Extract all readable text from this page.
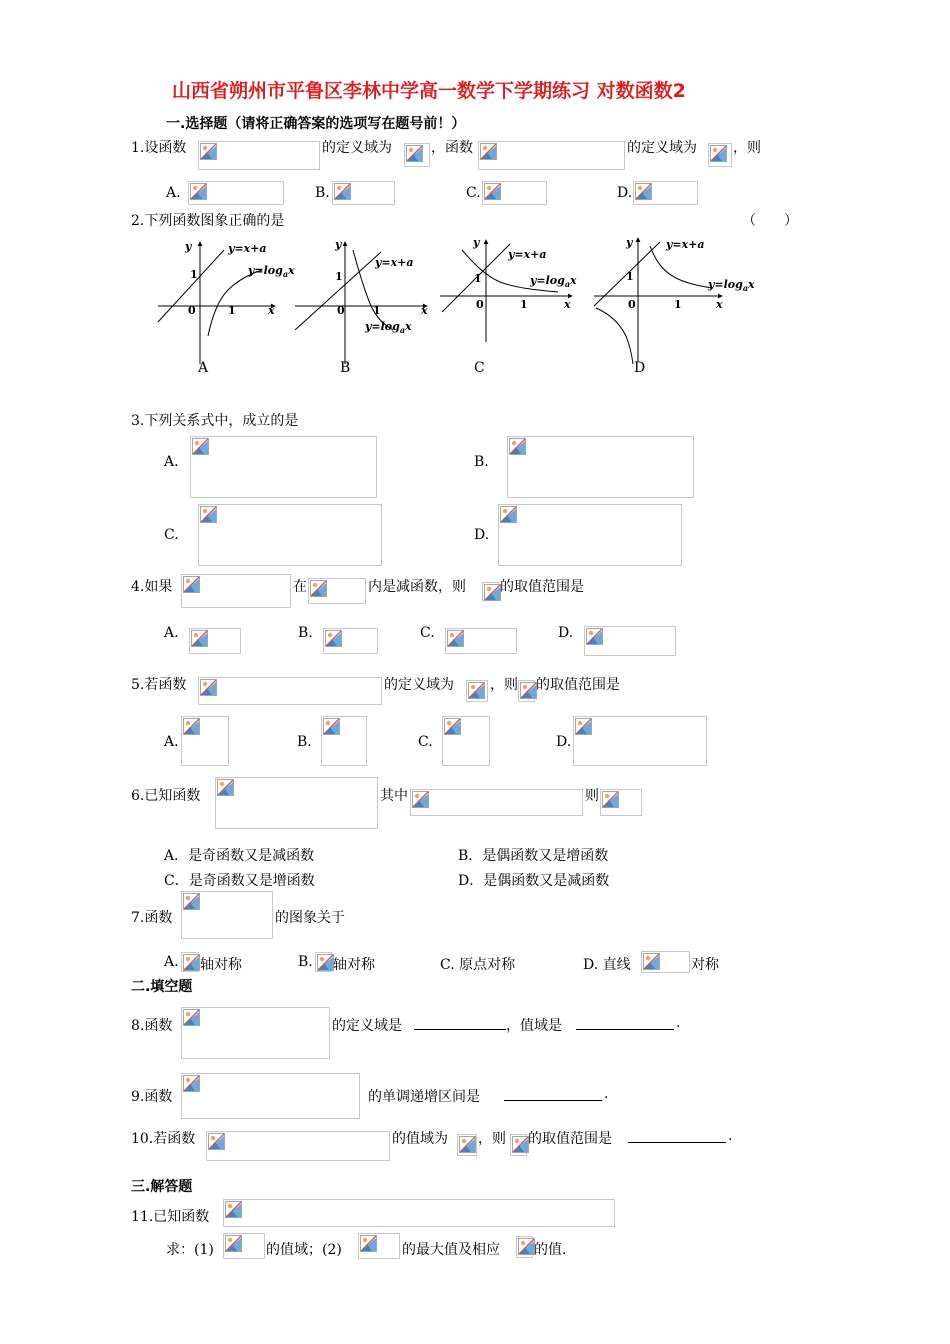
山西省朔州市平鲁区李林中学高一数学下学期练习 对数函数2
一.选择题（请将正确答案的选项写在题号前！）
1.设函数	的定义域为	，函数	的定义域为	，则
A.	B.	C.	D.
2.下列函数图象正确的是	（　　）
y	y=x+a
1	$y=\log_ax$
0	1	x
y
y=x+a
1
0	1	x
$y=\log_ax$
y
y=x+a
1	$y=\log_ax$
0	1	x
y	y=x+a
1
$y=\log_ax$
0	1	x
A	B	C	D
3.下列关系式中，成立的是
A.	B.
C.	D.
4.如果	在	内是减函数，则 的取值范围是
A.	B.	C.	D.
5.若函数	的定义域为	，则 的取值范围是
A.	B.	C.	D.
6.已知函数	其中	则
A．是奇函数又是减函数	B．是偶函数又是增函数
C．是奇函数又是增函数	D．是偶函数又是减函数
7.函数	的图象关于
A. 轴对称	B. 轴对称	C. 原点对称	D. 直线	对称
二.填空题
8.函数	的定义域是	，值域是	.
9.函数	的单调递增区间是	.
10.若函数	的值域为 ，则 的取值范围是	.
三.解答题
11.已知函数
求：(1)	的值域；(2)	的最大值及相应 的值.
